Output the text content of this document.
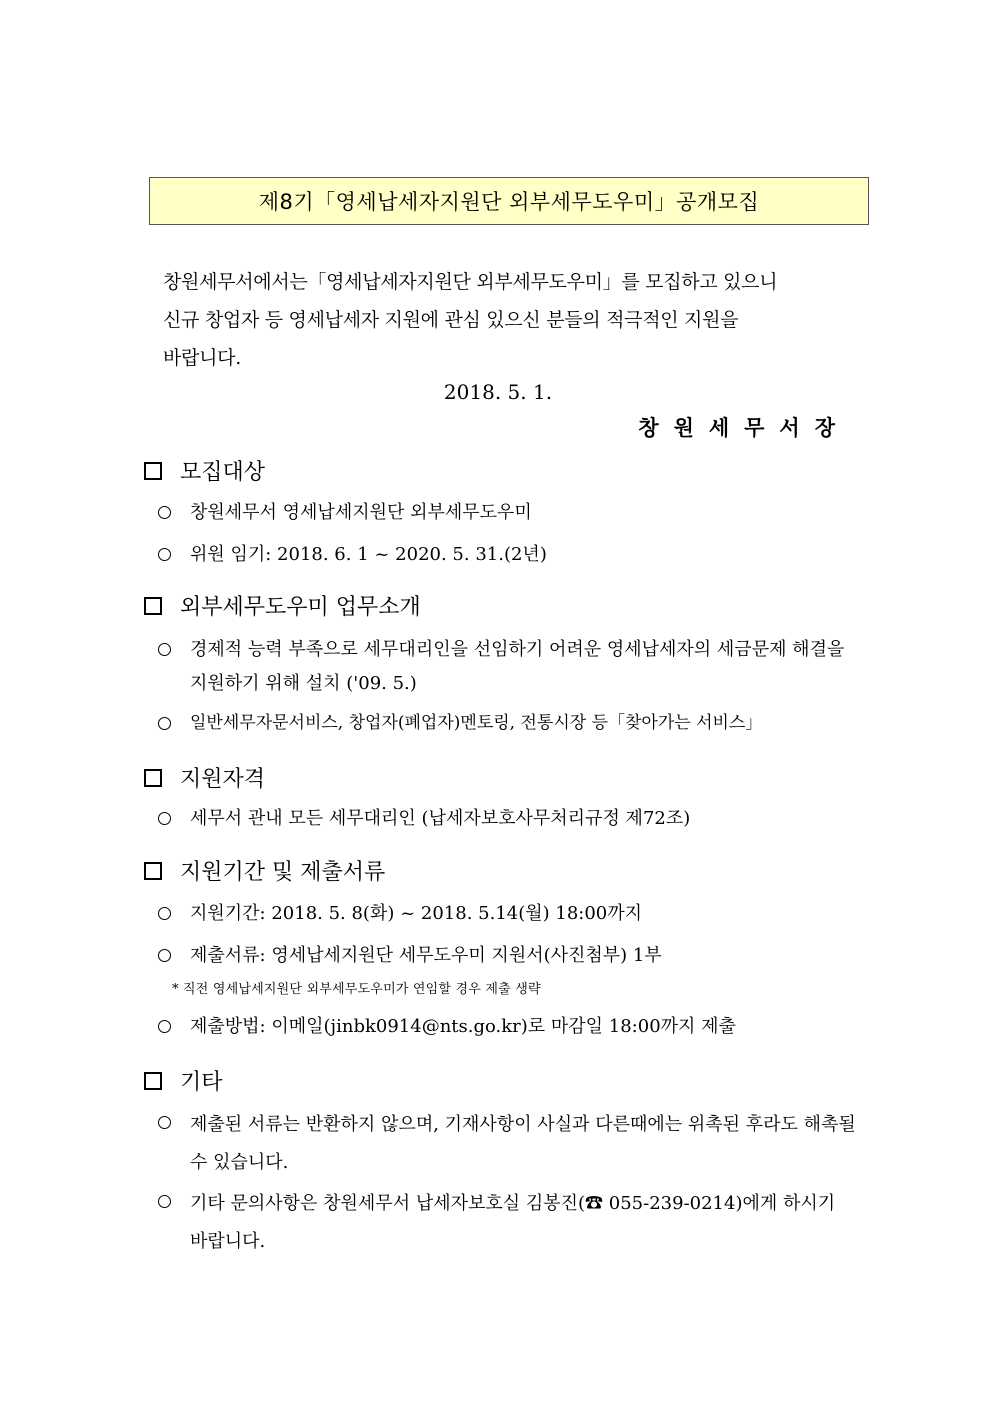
제8기「영세납세자지원단 외부세무도우미」공개모집
창원세무서에서는「영세납세자지원단 외부세무도우미」를 모집하고 있으니
신규 창업자 등 영세납세자 지원에 관심 있으신 분들의 적극적인 지원을
바랍니다.
2018. 5. 1.
창원세무서장
모집대상
창원세무서 영세납세지원단 외부세무도우미
위원 임기: 2018. 6. 1 ~ 2020. 5. 31.(2년)
외부세무도우미 업무소개
경제적 능력 부족으로 세무대리인을 선임하기 어려운 영세납세자의 세금문제 해결을 지원하기 위해 설치 ('09. 5.)
일반세무자문서비스, 창업자(폐업자)멘토링, 전통시장 등「찾아가는 서비스」
지원자격
세무서 관내 모든 세무대리인 (납세자보호사무처리규정 제72조)
지원기간 및 제출서류
지원기간: 2018. 5. 8(화) ~ 2018. 5.14(월) 18:00까지
제출서류: 영세납세지원단 세무도우미 지원서(사진첨부) 1부
* 직전 영세납세지원단 외부세무도우미가 연임할 경우 제출 생략
제출방법: 이메일(jinbk0914@nts.go.kr)로 마감일 18:00까지 제출
기타
제출된 서류는 반환하지 않으며, 기재사항이 사실과 다른때에는 위촉된 후라도 해촉될 수 있습니다.
기타 문의사항은 창원세무서 납세자보호실 김봉진(☎ 055-239-0214)에게 하시기 바랍니다.
